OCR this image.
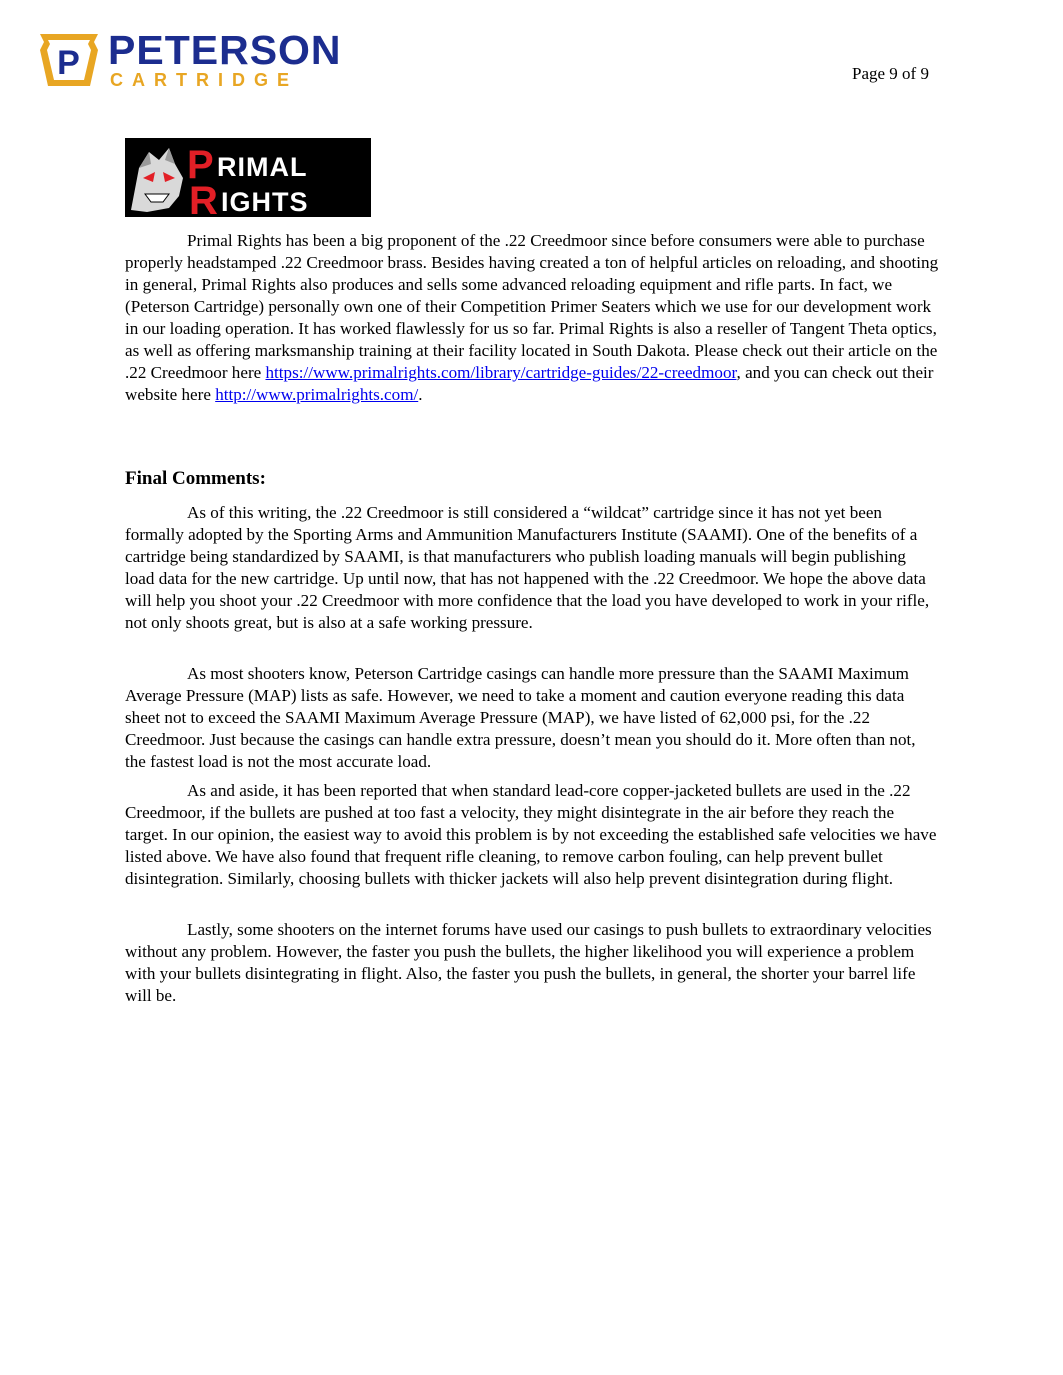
P PETERSON
CARTRIDGE	Page 9 of 9
P RIMAL
R IGHTS

Primal Rights has been a big proponent of the .22 Creedmoor since before consumers were able to purchase properly headstamped .22 Creedmoor brass. Besides having created a ton of helpful articles on reloading, and shooting in general, Primal Rights also produces and sells some advanced reloading equipment and rifle parts. In fact, we (Peterson Cartridge) personally own one of their Competition Primer Seaters which we use for our development work in our loading operation. It has worked flawlessly for us so far. Primal Rights is also a reseller of Tangent Theta optics, as well as offering marksmanship training at their facility located in South Dakota. Please check out their article on the .22 Creedmoor here https://www.primalrights.com/library/cartridge-guides/22-creedmoor, and you can check out their website here http://www.primalrights.com/.

Final Comments:

As of this writing, the .22 Creedmoor is still considered a “wildcat” cartridge since it has not yet been formally adopted by the Sporting Arms and Ammunition Manufacturers Institute (SAAMI). One of the benefits of a cartridge being standardized by SAAMI, is that manufacturers who publish loading manuals will begin publishing load data for the new cartridge. Up until now, that has not happened with the .22 Creedmoor. We hope the above data will help you shoot your .22 Creedmoor with more confidence that the load you have developed to work in your rifle, not only shoots great, but is also at a safe working pressure.

As most shooters know, Peterson Cartridge casings can handle more pressure than the SAAMI Maximum Average Pressure (MAP) lists as safe. However, we need to take a moment and caution everyone reading this data sheet not to exceed the SAAMI Maximum Average Pressure (MAP), we have listed of 62,000 psi, for the .22 Creedmoor. Just because the casings can handle extra pressure, doesn’t mean you should do it. More often than not, the fastest load is not the most accurate load.

As and aside, it has been reported that when standard lead-core copper-jacketed bullets are used in the .22 Creedmoor, if the bullets are pushed at too fast a velocity, they might disintegrate in the air before they reach the target. In our opinion, the easiest way to avoid this problem is by not exceeding the established safe velocities we have listed above. We have also found that frequent rifle cleaning, to remove carbon fouling, can help prevent bullet disintegration. Similarly, choosing bullets with thicker jackets will also help prevent disintegration during flight.

Lastly, some shooters on the internet forums have used our casings to push bullets to extraordinary velocities without any problem. However, the faster you push the bullets, the higher likelihood you will experience a problem with your bullets disintegrating in flight. Also, the faster you push the bullets, in general, the shorter your barrel life will be.
